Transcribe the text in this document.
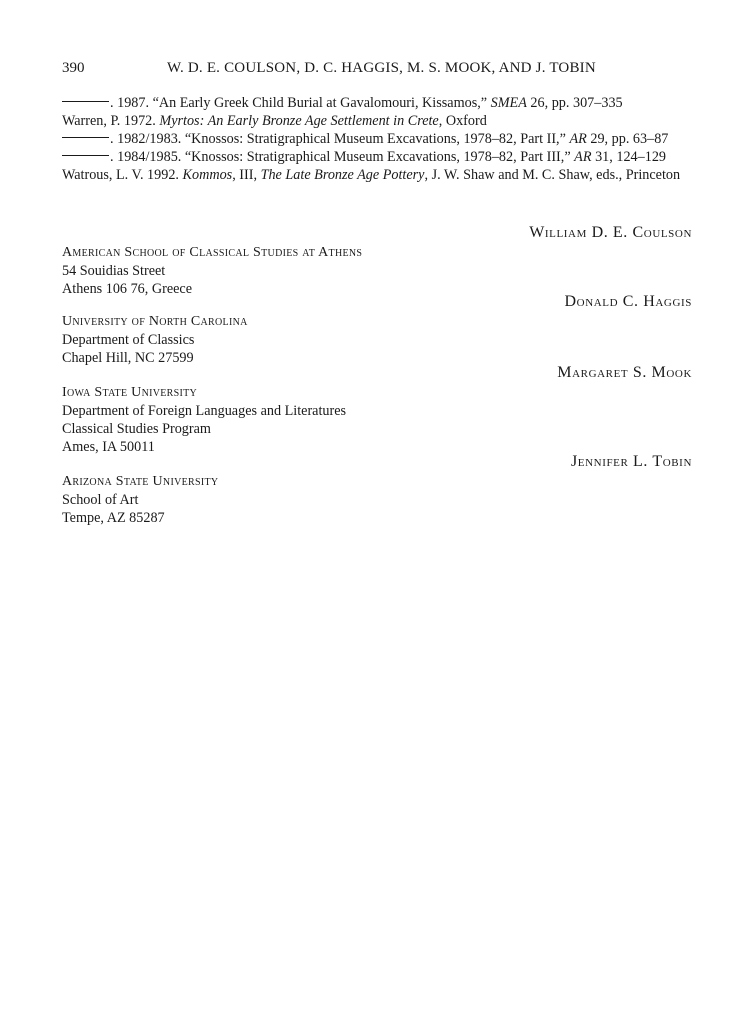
390	W. D. E. COULSON, D. C. HAGGIS, M. S. MOOK, AND J. TOBIN
. 1987. “An Early Greek Child Burial at Gavalomouri, Kissamos,” SMEA 26, pp. 307–335
Warren, P. 1972. Myrtos: An Early Bronze Age Settlement in Crete, Oxford
. 1982/1983. “Knossos: Stratigraphical Museum Excavations, 1978–82, Part II,” AR 29, pp. 63–87
. 1984/1985. “Knossos: Stratigraphical Museum Excavations, 1978–82, Part III,” AR 31, 124–129
Watrous, L. V. 1992. Kommos, III, The Late Bronze Age Pottery, J. W. Shaw and M. C. Shaw, eds., Princeton
William D. E. Coulson
American School of Classical Studies at Athens
54 Souidias Street
Athens 106 76, Greece
Donald C. Haggis
University of North Carolina
Department of Classics
Chapel Hill, NC 27599
Margaret S. Mook
Iowa State University
Department of Foreign Languages and Literatures
Classical Studies Program
Ames, IA 50011
Jennifer L. Tobin
Arizona State University
School of Art
Tempe, AZ 85287
